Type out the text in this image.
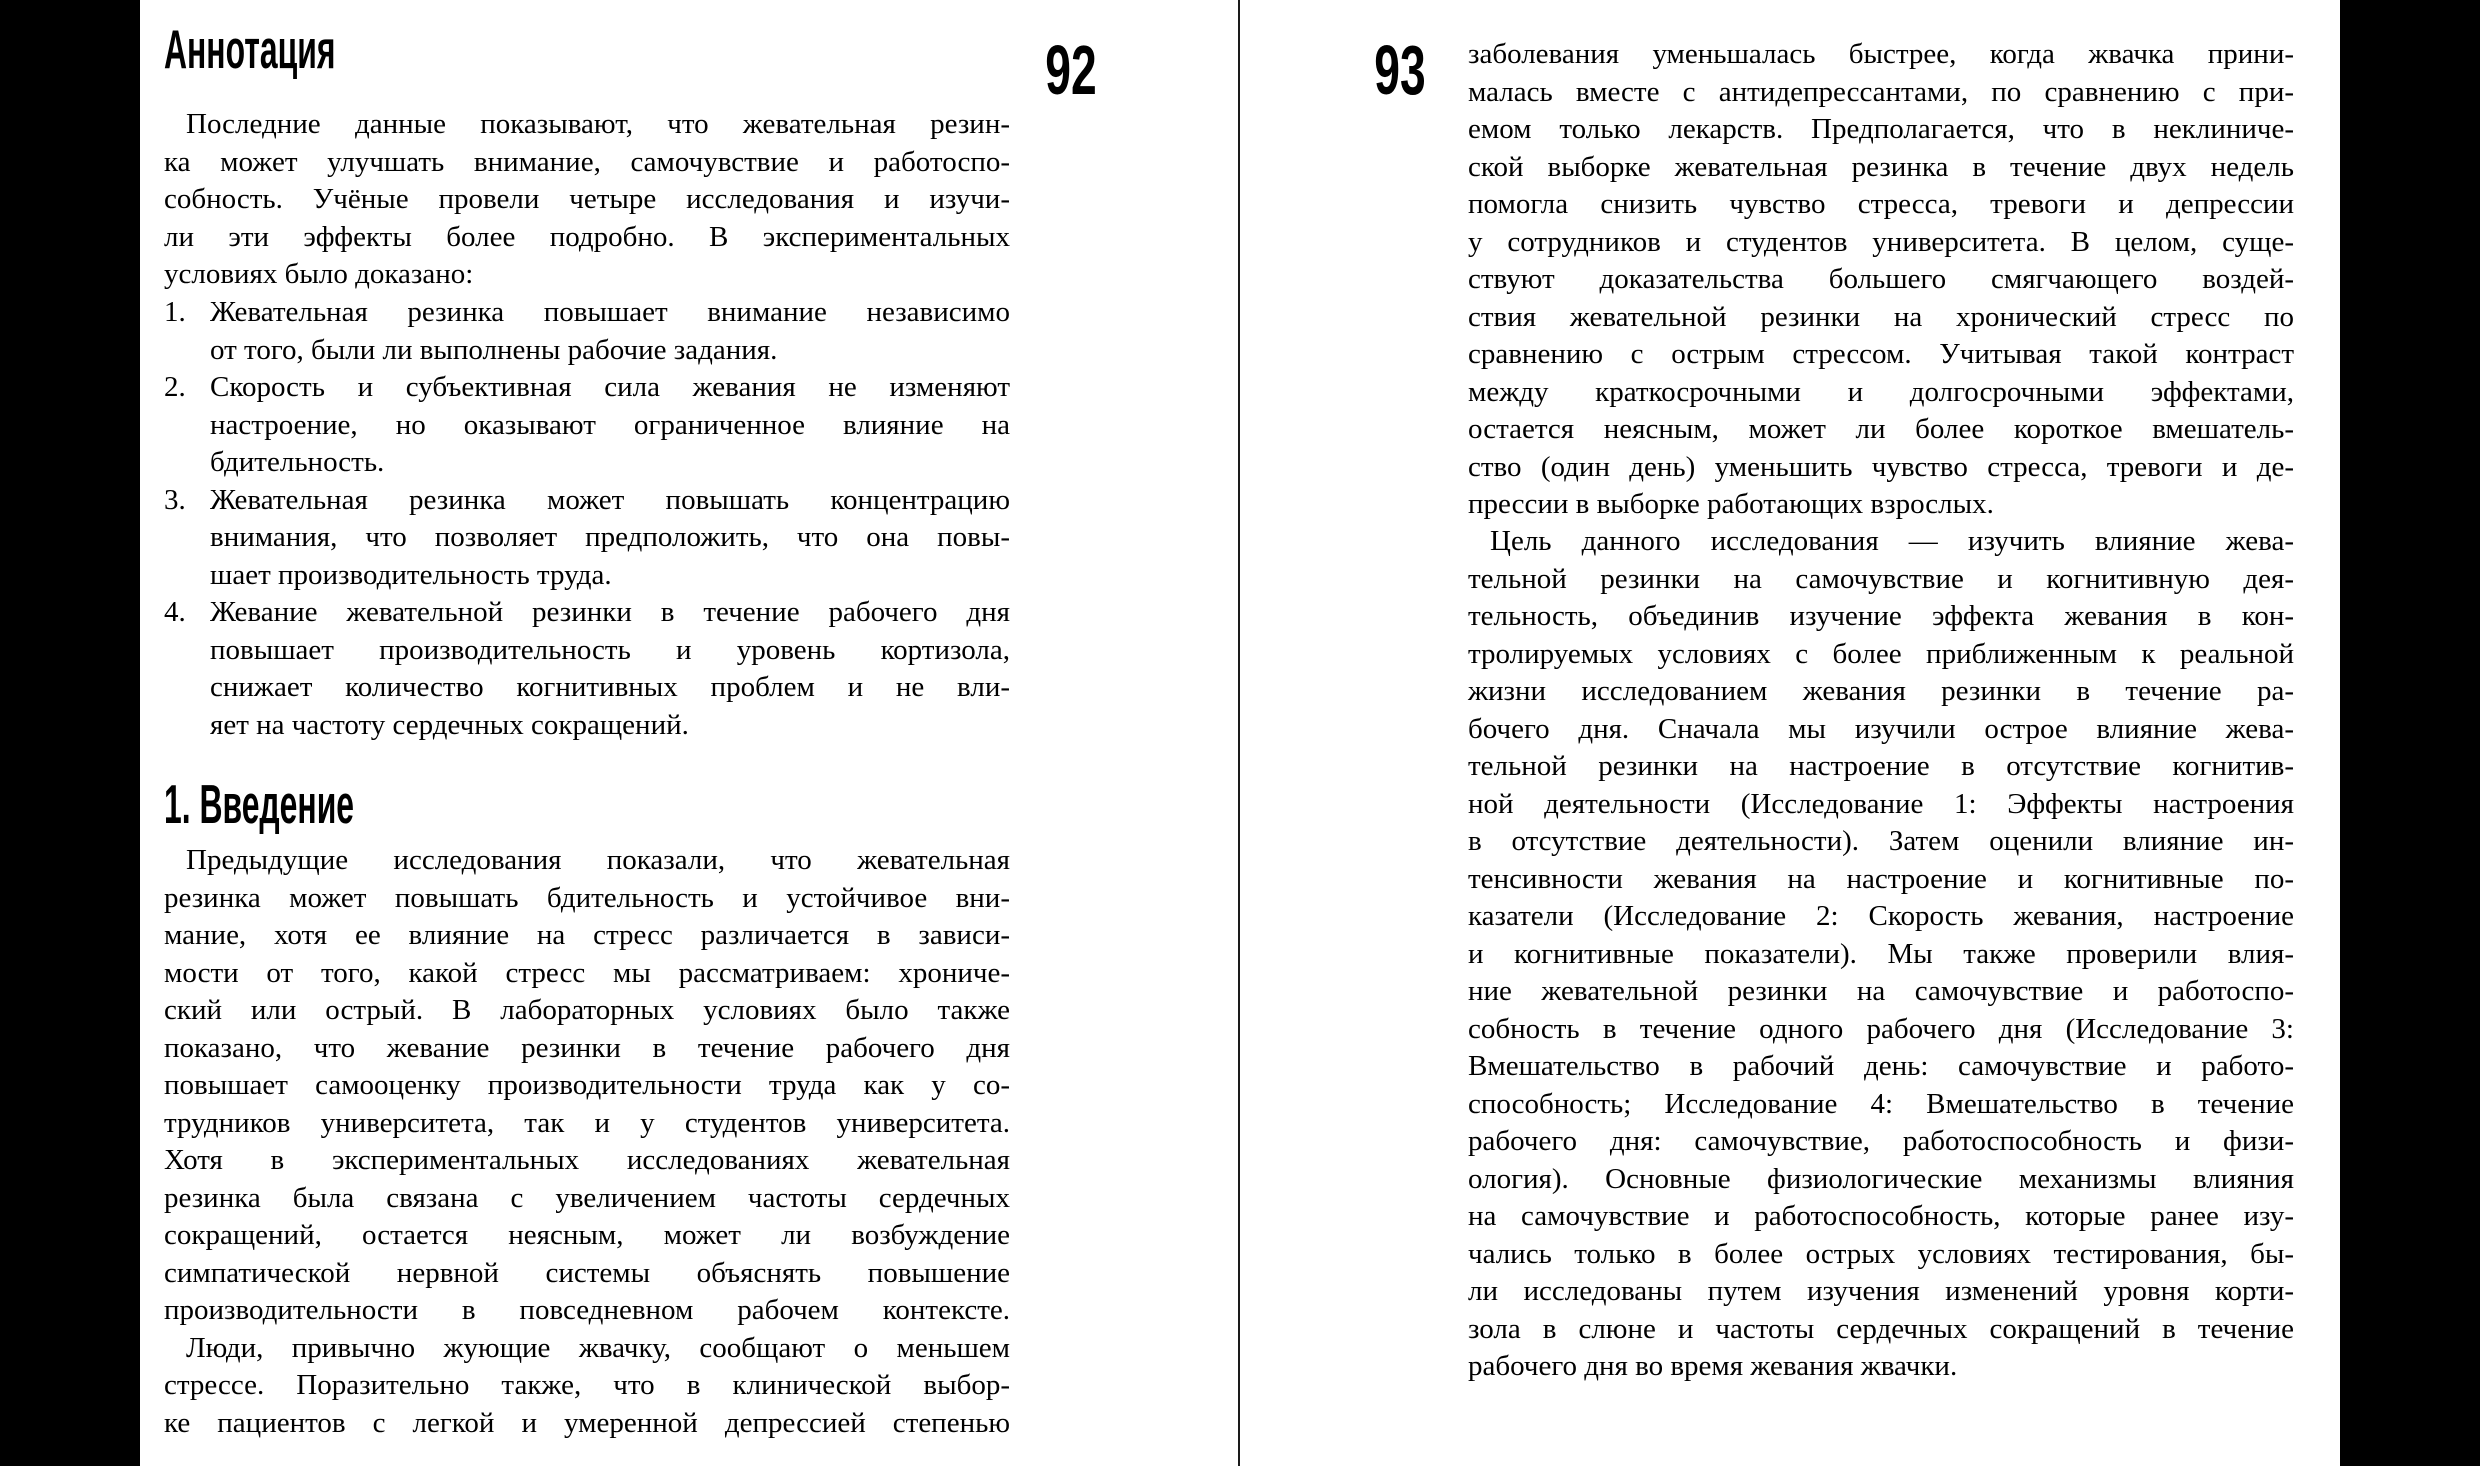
92	93
Аннотация
Последние данные показывают, что жевательная резин-
ка может улучшать внимание, самочувствие и работоспо-
собность. Учёные провели четыре исследования и изучи-
ли эти эффекты более подробно. В экспериментальных
условиях было доказано:
1. Жевательная резинка повышает внимание независимо
от того, были ли выполнены рабочие задания.
2. Скорость и субъективная сила жевания не изменяют
настроение, но оказывают ограниченное влияние на
бдительность.
3. Жевательная резинка может повышать концентрацию
внимания, что позволяет предположить, что она повы-
шает производительность труда.
4. Жевание жевательной резинки в течение рабочего дня
повышает производительность и уровень кортизола,
снижает количество когнитивных проблем и не вли-
яет на частоту сердечных сокращений.
1. Введение
Предыдущие исследования показали, что жевательная
резинка может повышать бдительность и устойчивое вни-
мание, хотя ее влияние на стресс различается в зависи-
мости от того, какой стресс мы рассматриваем: хрониче-
ский или острый. В лабораторных условиях было также
показано, что жевание резинки в течение рабочего дня
повышает самооценку производительности труда как у со-
трудников университета, так и у студентов университета.
Хотя в экспериментальных исследованиях жевательная
резинка была связана с увеличением частоты сердечных
сокращений, остается неясным, может ли возбуждение
симпатической нервной системы объяснять повышение
производительности в повседневном рабочем контексте.
Люди, привычно жующие жвачку, сообщают о меньшем
стрессе. Поразительно также, что в клинической выбор-
ке пациентов с легкой и умеренной депрессией степенью
заболевания уменьшалась быстрее, когда жвачка прини-
малась вместе с антидепрессантами, по сравнению с при-
емом только лекарств. Предполагается, что в неклиниче-
ской выборке жевательная резинка в течение двух недель
помогла снизить чувство стресса, тревоги и депрессии
у сотрудников и студентов университета. В целом, суще-
ствуют доказательства большего смягчающего воздей-
ствия жевательной резинки на хронический стресс по
сравнению с острым стрессом. Учитывая такой контраст
между краткосрочными и долгосрочными эффектами,
остается неясным, может ли более короткое вмешатель-
ство (один день) уменьшить чувство стресса, тревоги и де-
прессии в выборке работающих взрослых.
Цель данного исследования — изучить влияние жева-
тельной резинки на самочувствие и когнитивную дея-
тельность, объединив изучение эффекта жевания в кон-
тролируемых условиях с более приближенным к реальной
жизни исследованием жевания резинки в течение ра-
бочего дня. Сначала мы изучили острое влияние жева-
тельной резинки на настроение в отсутствие когнитив-
ной деятельности (Исследование 1: Эффекты настроения
в отсутствие деятельности). Затем оценили влияние ин-
тенсивности жевания на настроение и когнитивные по-
казатели (Исследование 2: Скорость жевания, настроение
и когнитивные показатели). Мы также проверили влия-
ние жевательной резинки на самочувствие и работоспо-
собность в течение одного рабочего дня (Исследование 3:
Вмешательство в рабочий день: самочувствие и работо-
способность; Исследование 4: Вмешательство в течение
рабочего дня: самочувствие, работоспособность и физи-
ология). Основные физиологические механизмы влияния
на самочувствие и работоспособность, которые ранее изу-
чались только в более острых условиях тестирования, бы-
ли исследованы путем изучения изменений уровня корти-
зола в слюне и частоты сердечных сокращений в течение
рабочего дня во время жевания жвачки.
